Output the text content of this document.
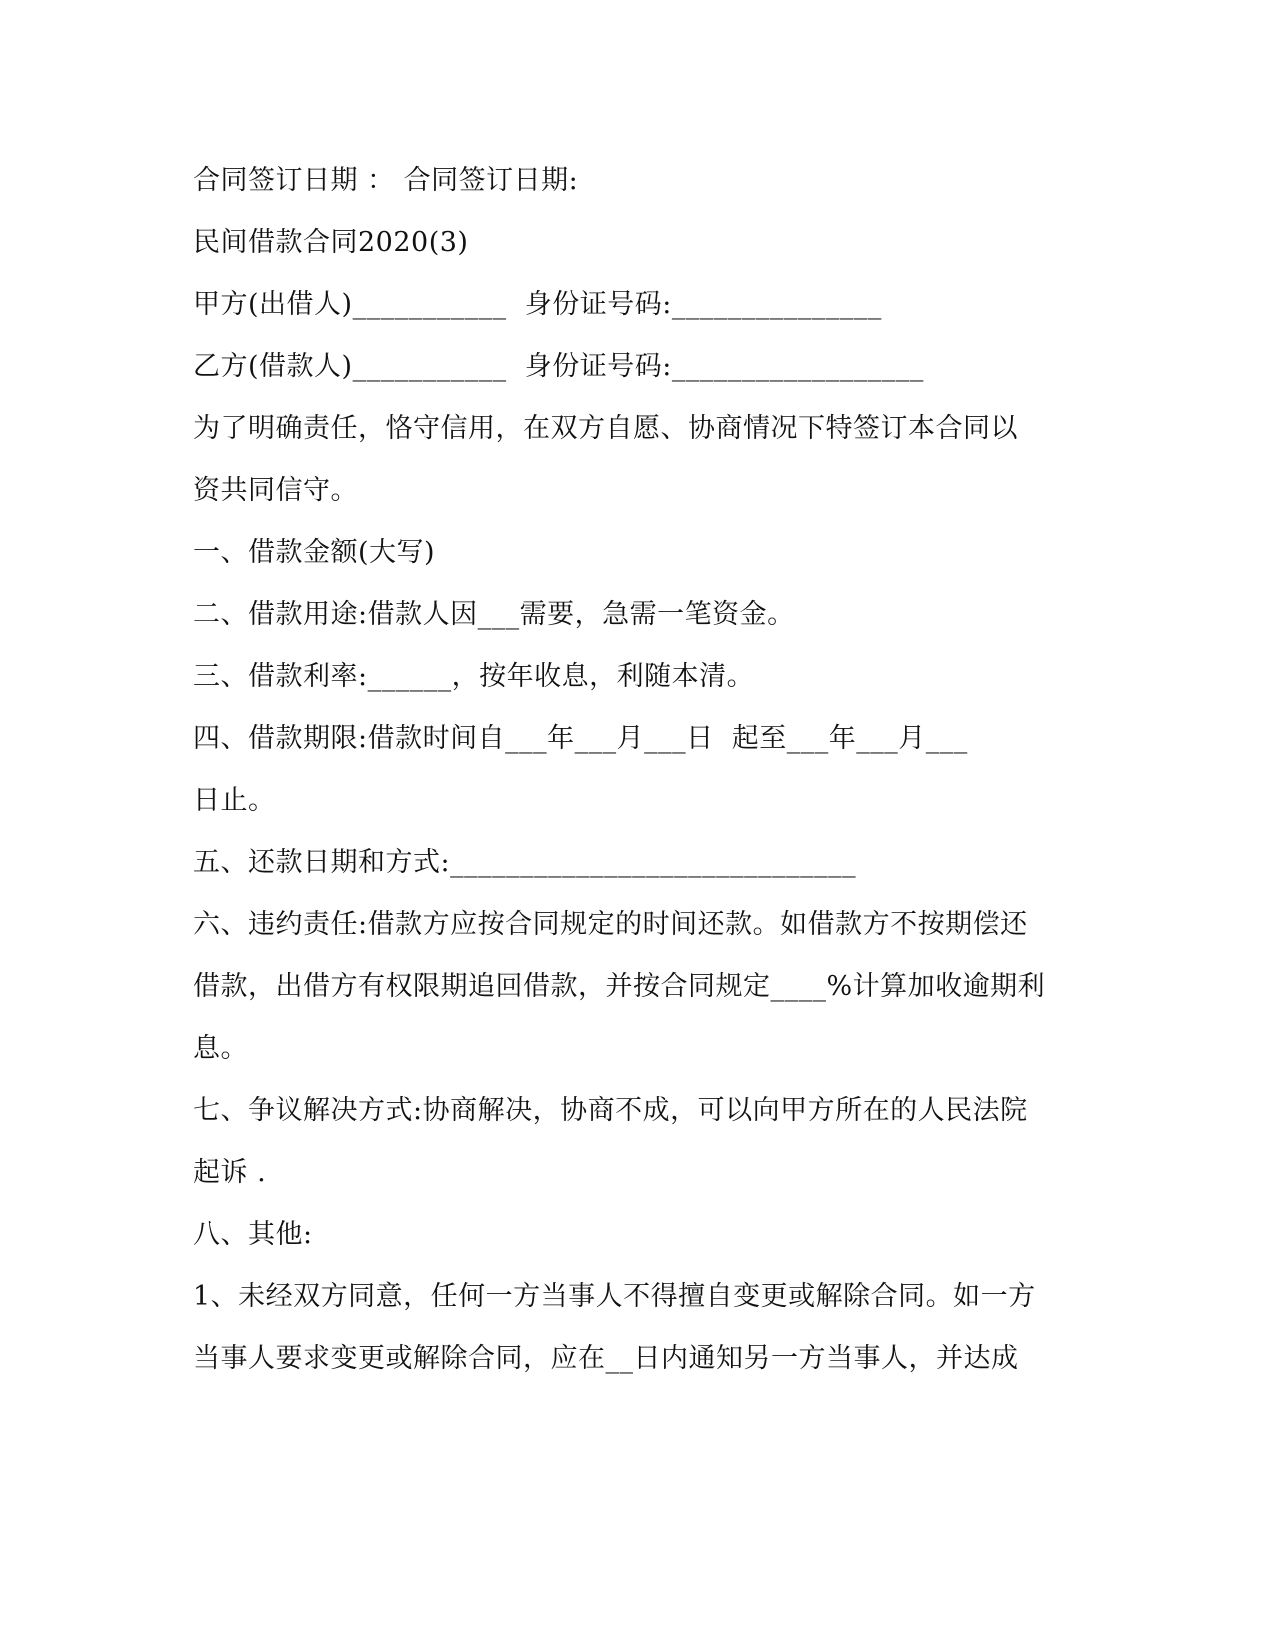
合同签订日期 ： 合同签订日期:
民间借款合同2020(3)
甲方(出借人)___________  身份证号码:_______________
乙方(借款人)___________  身份证号码:__________________
为了明确责任，恪守信用，在双方自愿、协商情况下特签订本合同以
资共同信守。
一、借款金额(大写)
二、借款用途:借款人因___需要，急需一笔资金。
三、借款利率:______，按年收息，利随本清。
四、借款期限:借款时间自___年___月___日  起至___年___月___
日止。
五、还款日期和方式:_____________________________
六、违约责任:借款方应按合同规定的时间还款。如借款方不按期偿还
借款，出借方有权限期追回借款，并按合同规定____%计算加收逾期利
息。
七、争议解决方式:协商解决，协商不成，可以向甲方所在的人民法院
起诉 .
八、其他:
1、未经双方同意，任何一方当事人不得擅自变更或解除合同。如一方
当事人要求变更或解除合同，应在__日内通知另一方当事人，并达成
